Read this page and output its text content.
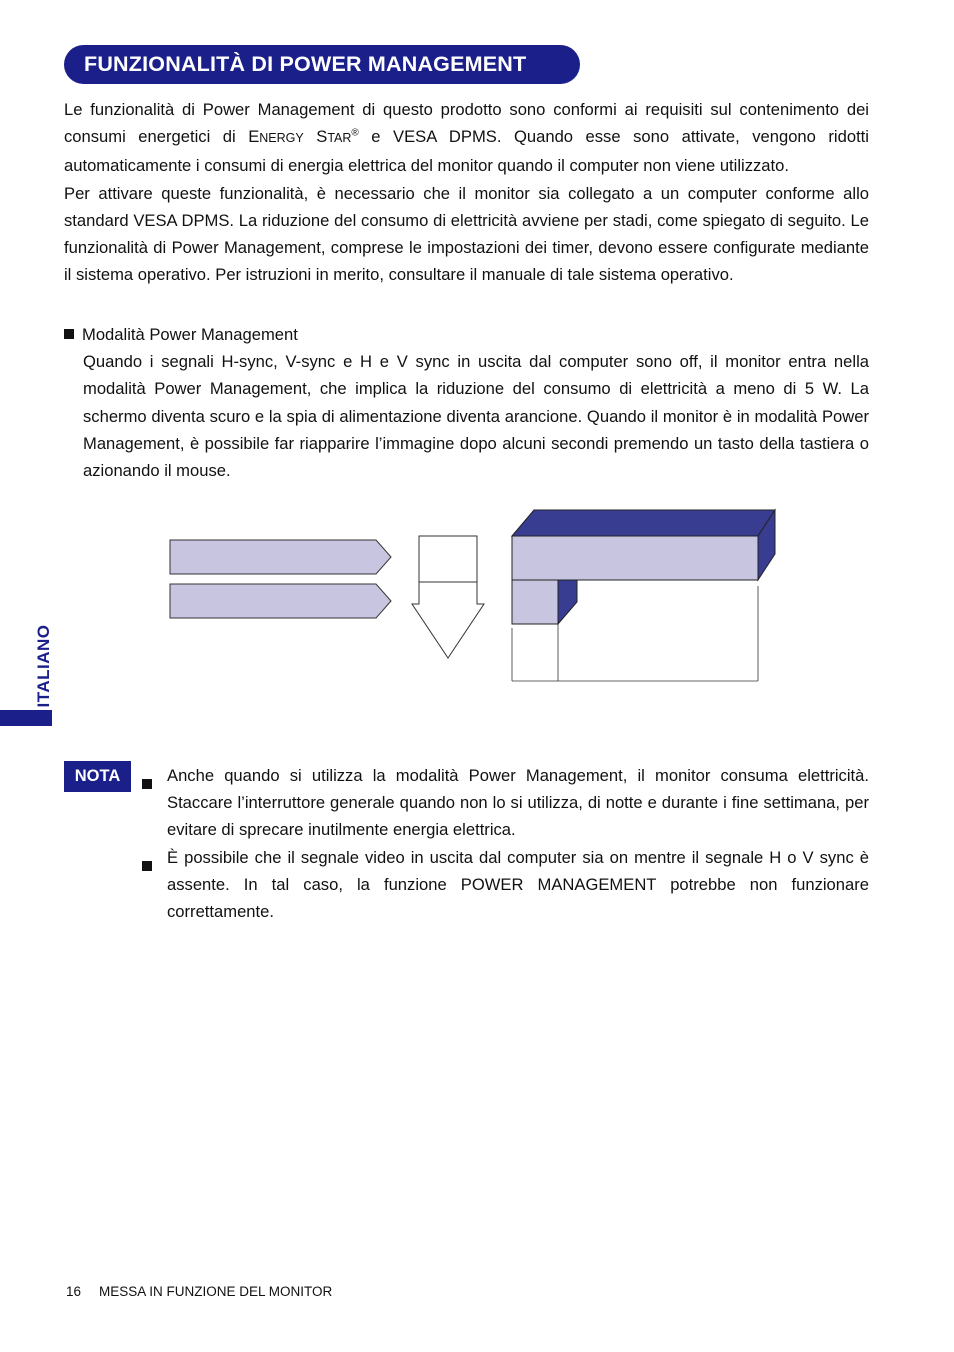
FUNZIONALITÀ DI POWER MANAGEMENT

Le funzionalità di Power Management di questo prodotto sono conformi ai requisiti sul contenimento dei consumi energetici di ENERGY STAR® e VESA DPMS. Quando esse sono attivate, vengono ridotti automaticamente i consumi di energia elettrica del monitor quando il computer non viene utilizzato.

Per attivare queste funzionalità, è necessario che il monitor sia collegato a un computer conforme allo standard VESA DPMS. La riduzione del consumo di elettricità avviene per stadi, come spiegato di seguito. Le funzionalità di Power Management, comprese le impostazioni dei timer, devono essere configurate mediante il sistema operativo. Per istruzioni in merito, consultare il manuale di tale sistema operativo.

Modalità Power Management
Quando i segnali H-sync, V-sync e H e V sync in uscita dal computer sono off, il monitor entra nella modalità Power Management, che implica la riduzione del consumo di elettricità a meno di 5 W. La schermo diventa scuro e la spia di alimentazione diventa arancione. Quando il monitor è in modalità Power Management, è possibile far riapparire l’immagine dopo alcuni secondi premendo un tasto della tastiera o azionando il mouse.
ITALIANO
NOTA	Anche quando si utilizza la modalità Power Management, il monitor consuma elettricità. Staccare l’interruttore generale quando non lo si utilizza, di notte e durante i fine settimana, per evitare di sprecare inutilmente energia elettrica.
È possibile che il segnale video in uscita dal computer sia on mentre il segnale H o V sync è assente. In tal caso, la funzione POWER MANAGEMENT potrebbe non funzionare correttamente.
16 MESSA IN FUNZIONE DEL MONITOR
